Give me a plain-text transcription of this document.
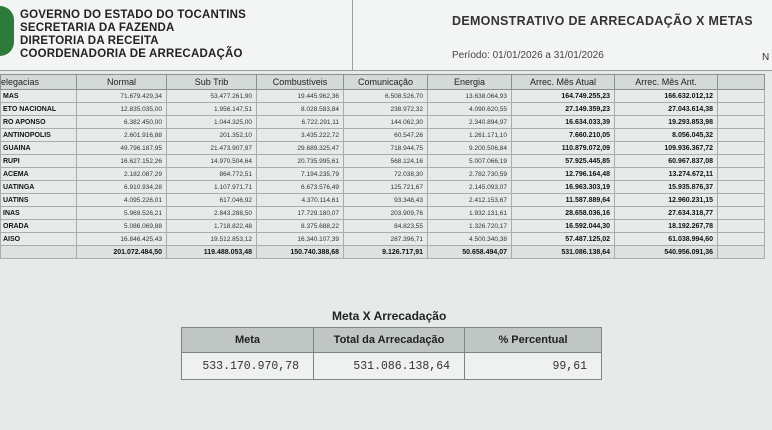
GOVERNO DO ESTADO DO TOCANTINS
SECRETARIA DA FAZENDA
DIRETORIA DA RECEITA
COORDENADORIA DE ARRECADAÇÃO
DEMONSTRATIVO DE ARRECADAÇÃO X METAS
Período: 01/01/2026 a 31/01/2026	N
elegacias	Normal	Sub Trib	Combustíveis	Comunicação	Energia	Arrec. Mês Atual	Arrec. Mês Ant.	
MAS	71.679.429,34	53.477.261,90	19.445.962,36	6.508.526,70	13.638.064,93	164.749.255,23	166.632.012,12	
ETO NACIONAL	12.835.035,00	1.956.147,51	8.028.583,84	238.972,32	4.090.620,55	27.149.359,23	27.043.614,38	
RO APONSO	6.382.450,00	1.044.325,00	6.722.291,11	144.062,30	2.340.894,97	16.634.033,39	19.293.853,98	
ANTINOPOLIS	2.601.916,88	201.352,10	3.435.222,72	60.547,26	1.261.171,10	7.660.210,05	8.056.045,32	
GUAINA	49.796.187,95	21.473.907,97	29.689.325,47	718.944,75	9.200.506,84	110.879.072,09	109.936.367,72	
RUPI	16.627.152,26	14.970.504,64	20.735.995,61	568.124,16	5.007.066,19	57.925.445,85	60.967.837,08	
ACEMA	2.182.087,29	864.772,51	7.194.235,79	72.038,30	2.782.730,59	12.796.164,48	13.274.672,11	
UATINGA	6.910.934,28	1.107.971,71	6.673.576,49	125.721,67	2.145.093,07	16.963.303,19	15.935.876,37	
UATINS	4.095.226,01	617.046,92	4.370.114,61	93.348,43	2.412.153,67	11.587.889,64	12.960.231,15	
INAS	5.969.526,21	2.843.288,50	17.729.180,07	203.909,76	1.932.131,61	28.658.036,16	27.634.318,77	
ORADA	5.086.069,88	1.718.822,48	8.375.688,22	84.823,55	1.326.720,17	16.592.044,30	18.192.267,78	
AISO	16.846.425,43	19.512.853,12	16.340.107,39	287.396,71	4.500.340,38	57.487.125,02	61.038.994,60	
	201.072.484,50	119.488.053,48	150.740.388,68	9.126.717,91	50.658.494,07	531.086.138,64	540.956.091,36	
Meta X Arrecadação
Meta	Total da Arrecadação	% Percentual
533.170.970,78	531.086.138,64	99,61
